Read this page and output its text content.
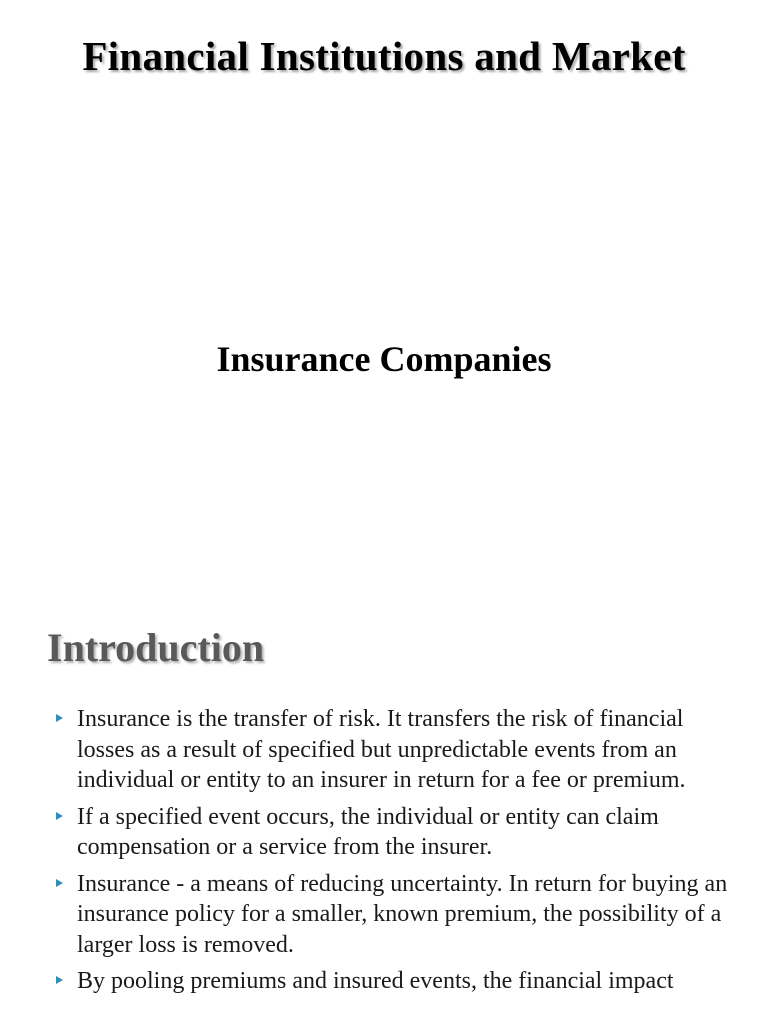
Financial Institutions and Market
Insurance Companies
Introduction
Insurance is the transfer of risk. It transfers the risk of financial losses as a result of specified but unpredictable events from an individual or entity to an insurer in return for a fee or premium.
If a specified event occurs, the individual or entity can claim compensation or a service from the insurer.
Insurance - a means of reducing uncertainty. In return for buying an insurance policy for a smaller, known premium, the possibility of a larger loss is removed.
By pooling premiums and insured events, the financial impact
